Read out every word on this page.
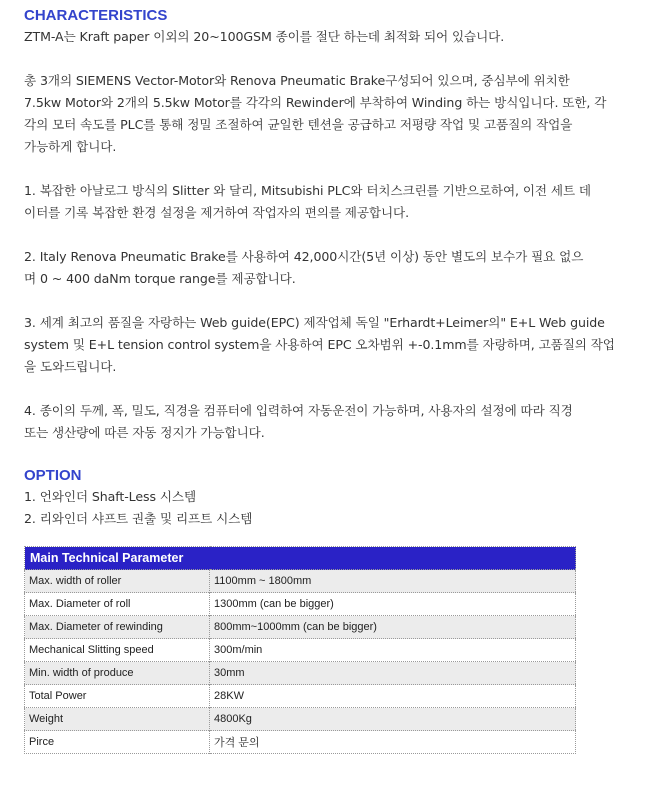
CHARACTERISTICS

ZTM-A는 Kraft paper 이외의 20~100GSM 종이를 절단 하는데 최적화 되어 있습니다.

총 3개의 SIEMENS Vector-Motor와 Renova Pneumatic Brake구성되어 있으며, 중심부에 위치한

7.5kw Motor와 2개의 5.5kw Motor를 각각의 Rewinder에 부착하여 Winding 하는 방식입니다. 또한, 각

각의 모터 속도를 PLC를 통해 정밀 조절하여 균일한 텐션을 공급하고 저평량 작업 및 고품질의 작업을

가능하게 합니다.

1. 복잡한 아날로그 방식의 Slitter 와 달리, Mitsubishi PLC와 터치스크린를 기반으로하여, 이전 세트 데

이터를 기록 복잡한 환경 설정을 제거하여 작업자의 편의를 제공합니다.

2. Italy Renova Pneumatic Brake를 사용하여 42,000시간(5년 이상) 동안 별도의 보수가 필요 없으

며 0 ~ 400 daNm torque range를 제공합니다.

3. 세계 최고의 품질을 자랑하는 Web guide(EPC) 제작업체 독일 "Erhardt+Leimer의" E+L Web guide

system 및 E+L tension control system을 사용하여 EPC 오차범위 +-0.1mm를 자랑하며, 고품질의 작업

을 도와드립니다.

4. 종이의 두께, 폭, 밀도, 직경을 컴퓨터에 입력하여 자동운전이 가능하며, 사용자의 설정에 따라 직경

또는 생산량에 따른 자동 정지가 가능합니다.

OPTION

1. 언와인더 Shaft-Less 시스템

2. 리와인더 샤프트 권출 및 리프트 시스템

Main Technical Parameter	
Max. width of roller	1100mm ~ 1800mm
Max. Diameter of roll	1300mm (can be bigger)
Max. Diameter of rewinding	800mm~1000mm (can be bigger)
Mechanical Slitting speed	300m/min
Min. width of produce	30mm
Total Power	28KW
Weight	4800Kg
Pirce	가격 문의
